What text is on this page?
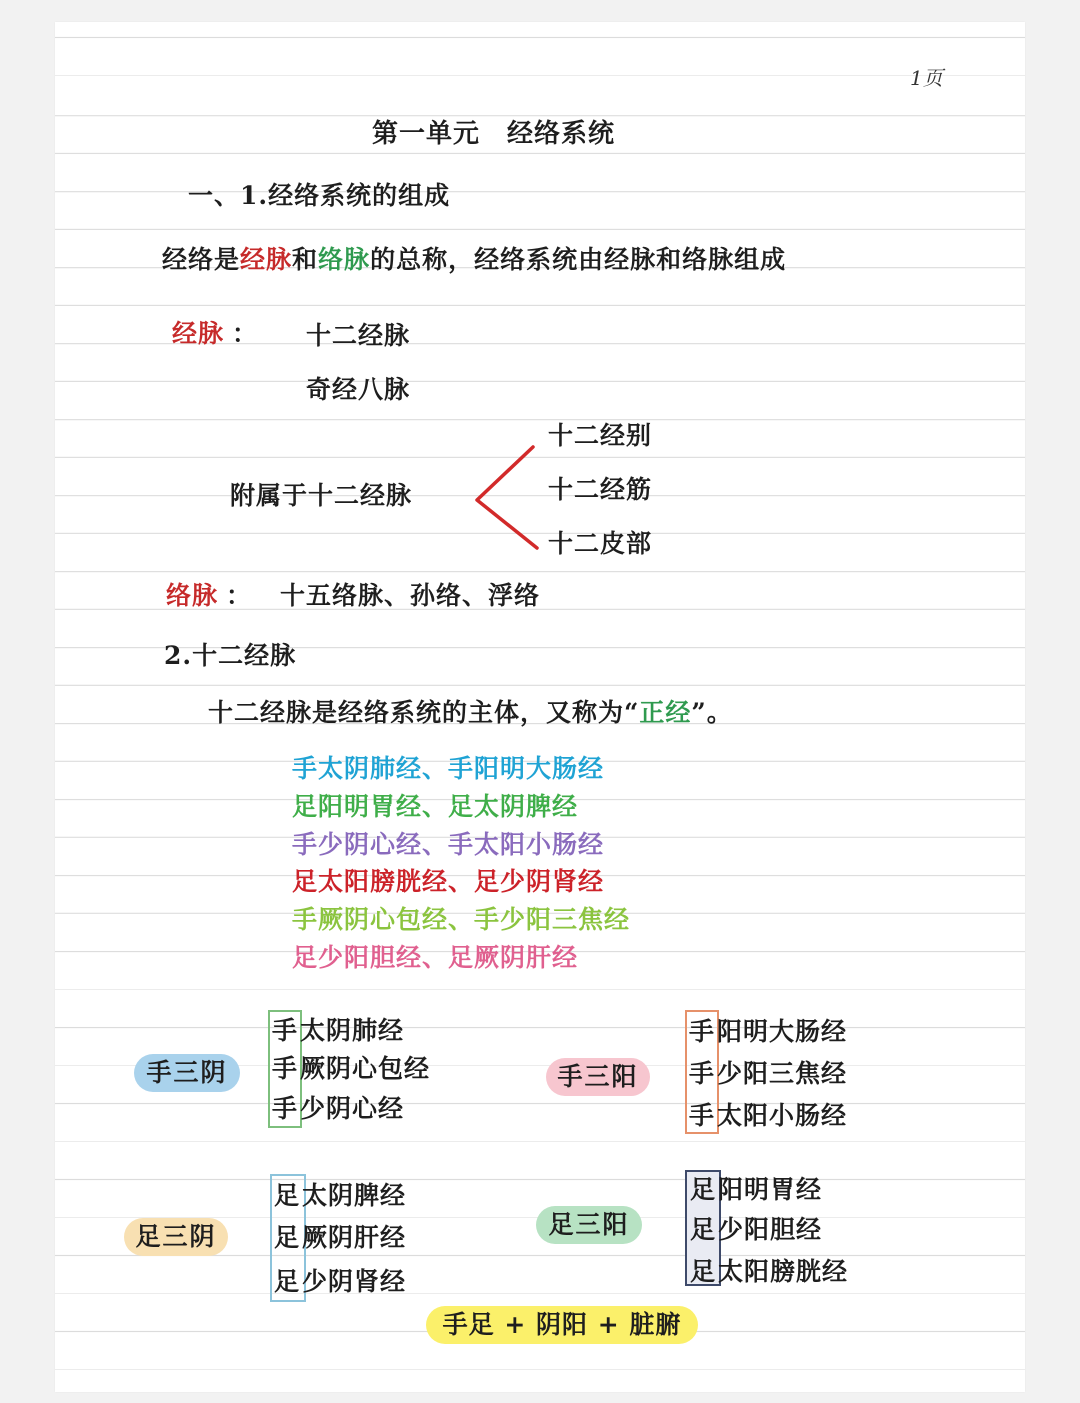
1页
第一单元　经络系统
一、1.经络系统的组成
经络是经脉和络脉的总称，经络系统由经脉和络脉组成
经脉 ： 十二经脉
奇经八脉
附属于十二经脉
十二经别
十二经筋
十二皮部
络脉 ： 十五络脉、孙络、浮络
2.十二经脉
十二经脉是经络系统的主体，又称为“正经”。
手太阴肺经、手阳明大肠经
足阳明胃经、足太阴脾经
手少阴心经、手太阳小肠经
足太阳膀胱经、足少阴肾经
手厥阴心包经、手少阳三焦经
足少阳胆经、足厥阴肝经
手三阴
手太阴肺经
手厥阴心包经
手少阴心经
手三阳
手阳明大肠经
手少阳三焦经
手太阳小肠经
足三阴
足太阴脾经
足厥阴肝经
足少阴肾经
足三阳
足阳明胃经
足少阳胆经
足太阳膀胱经
手足 + 阴阳 + 脏腑
